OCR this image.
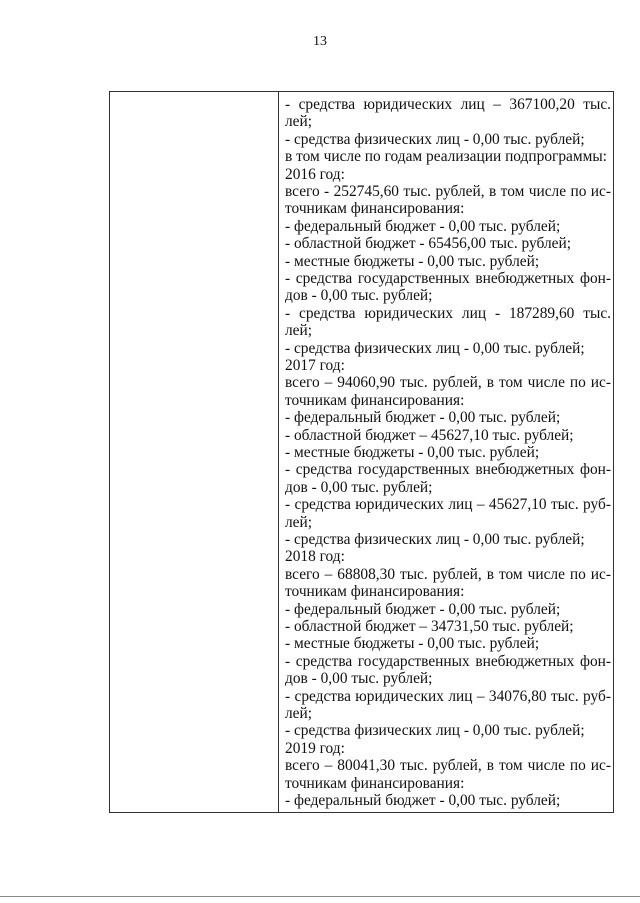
13
- средства юридических лиц – 367100,20 тыс.
лей;
- средства физических лиц - 0,00 тыс. рублей;
в том числе по годам реализации подпрограммы:
2016 год:
всего - 252745,60 тыс. рублей, в том числе по ис-
точникам финансирования:
- федеральный бюджет - 0,00 тыс. рублей;
- областной бюджет - 65456,00 тыс. рублей;
- местные бюджеты - 0,00 тыс. рублей;
- средства государственных внебюджетных фон-
дов - 0,00 тыс. рублей;
- средства юридических лиц - 187289,60 тыс.
лей;
- средства физических лиц - 0,00 тыс. рублей;
2017 год:
всего – 94060,90 тыс. рублей, в том числе по ис-
точникам финансирования:
- федеральный бюджет - 0,00 тыс. рублей;
- областной бюджет – 45627,10 тыс. рублей;
- местные бюджеты - 0,00 тыс. рублей;
- средства государственных внебюджетных фон-
дов - 0,00 тыс. рублей;
- средства юридических лиц – 45627,10 тыс. руб-
лей;
- средства физических лиц - 0,00 тыс. рублей;
2018 год:
всего – 68808,30 тыс. рублей, в том числе по ис-
точникам финансирования:
- федеральный бюджет - 0,00 тыс. рублей;
- областной бюджет – 34731,50 тыс. рублей;
- местные бюджеты - 0,00 тыс. рублей;
- средства государственных внебюджетных фон-
дов - 0,00 тыс. рублей;
- средства юридических лиц – 34076,80 тыс. руб-
лей;
- средства физических лиц - 0,00 тыс. рублей;
2019 год:
всего – 80041,30 тыс. рублей, в том числе по ис-
точникам финансирования:
- федеральный бюджет - 0,00 тыс. рублей;
